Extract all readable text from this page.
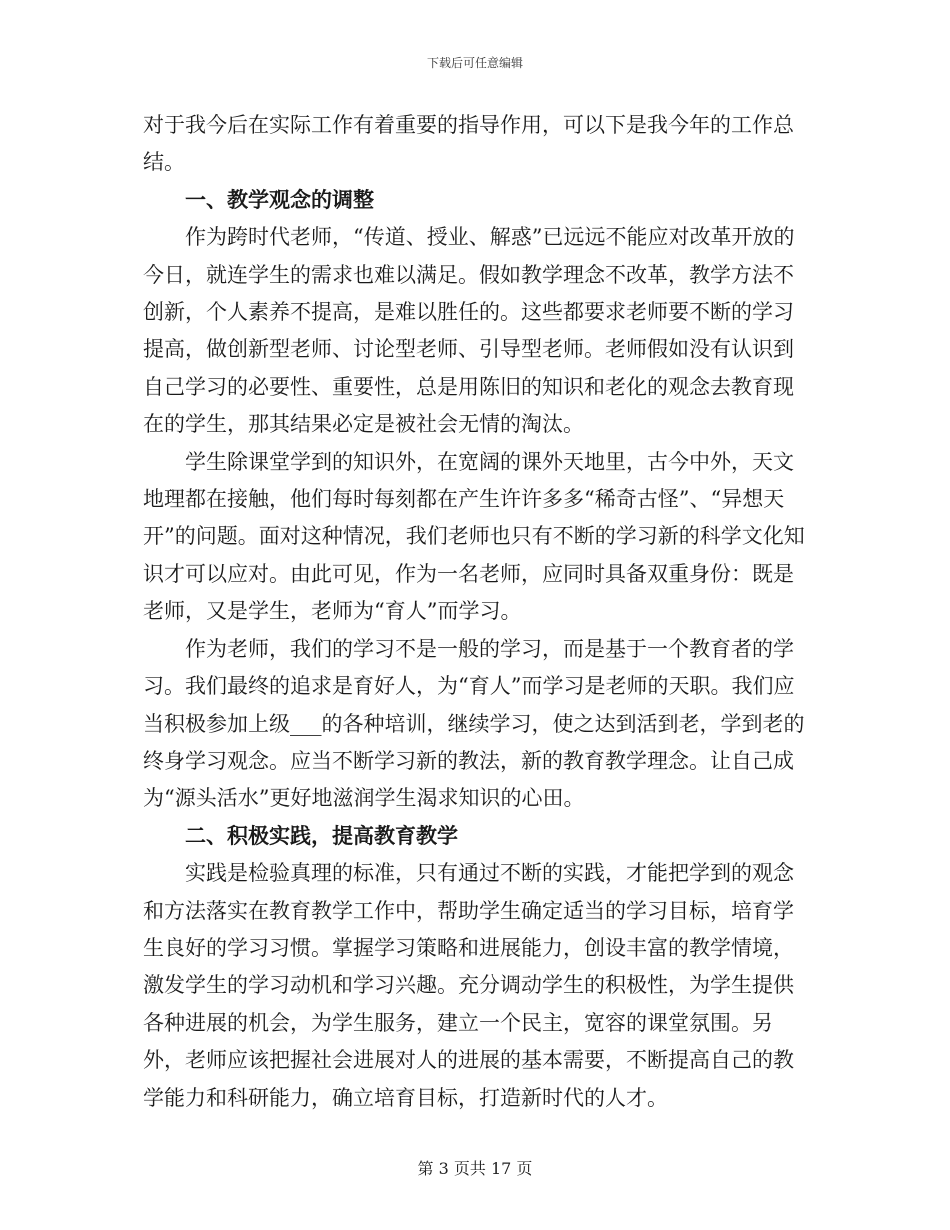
下载后可任意编辑

对于我今后在实际工作有着重要的指导作用，可以下是我今年的工作总结。

一、教学观念的调整

作为跨时代老师，“传道、授业、解惑”已远远不能应对改革开放的今日，就连学生的需求也难以满足。假如教学理念不改革，教学方法不创新，个人素养不提高，是难以胜任的。这些都要求老师要不断的学习提高，做创新型老师、讨论型老师、引导型老师。老师假如没有认识到自己学习的必要性、重要性，总是用陈旧的知识和老化的观念去教育现在的学生，那其结果必定是被社会无情的淘汰。

学生除课堂学到的知识外，在宽阔的课外天地里，古今中外，天文地理都在接触，他们每时每刻都在产生许许多多“稀奇古怪”、“异想天开”的问题。面对这种情况，我们老师也只有不断的学习新的科学文化知识才可以应对。由此可见，作为一名老师，应同时具备双重身份：既是老师，又是学生，老师为“育人”而学习。

作为老师，我们的学习不是一般的学习，而是基于一个教育者的学习。我们最终的追求是育好人，为“育人”而学习是老师的天职。我们应当积极参加上级___的各种培训，继续学习，使之达到活到老，学到老的终身学习观念。应当不断学习新的教法，新的教育教学理念。让自己成为“源头活水”更好地滋润学生渴求知识的心田。

二、积极实践，提高教育教学

实践是检验真理的标准，只有通过不断的实践，才能把学到的观念和方法落实在教育教学工作中，帮助学生确定适当的学习目标，培育学生良好的学习习惯。掌握学习策略和进展能力，创设丰富的教学情境，激发学生的学习动机和学习兴趣。充分调动学生的积极性，为学生提供各种进展的机会，为学生服务，建立一个民主，宽容的课堂氛围。另外，老师应该把握社会进展对人的进展的基本需要，不断提高自己的教学能力和科研能力，确立培育目标，打造新时代的人才。

第 3 页共 17 页
